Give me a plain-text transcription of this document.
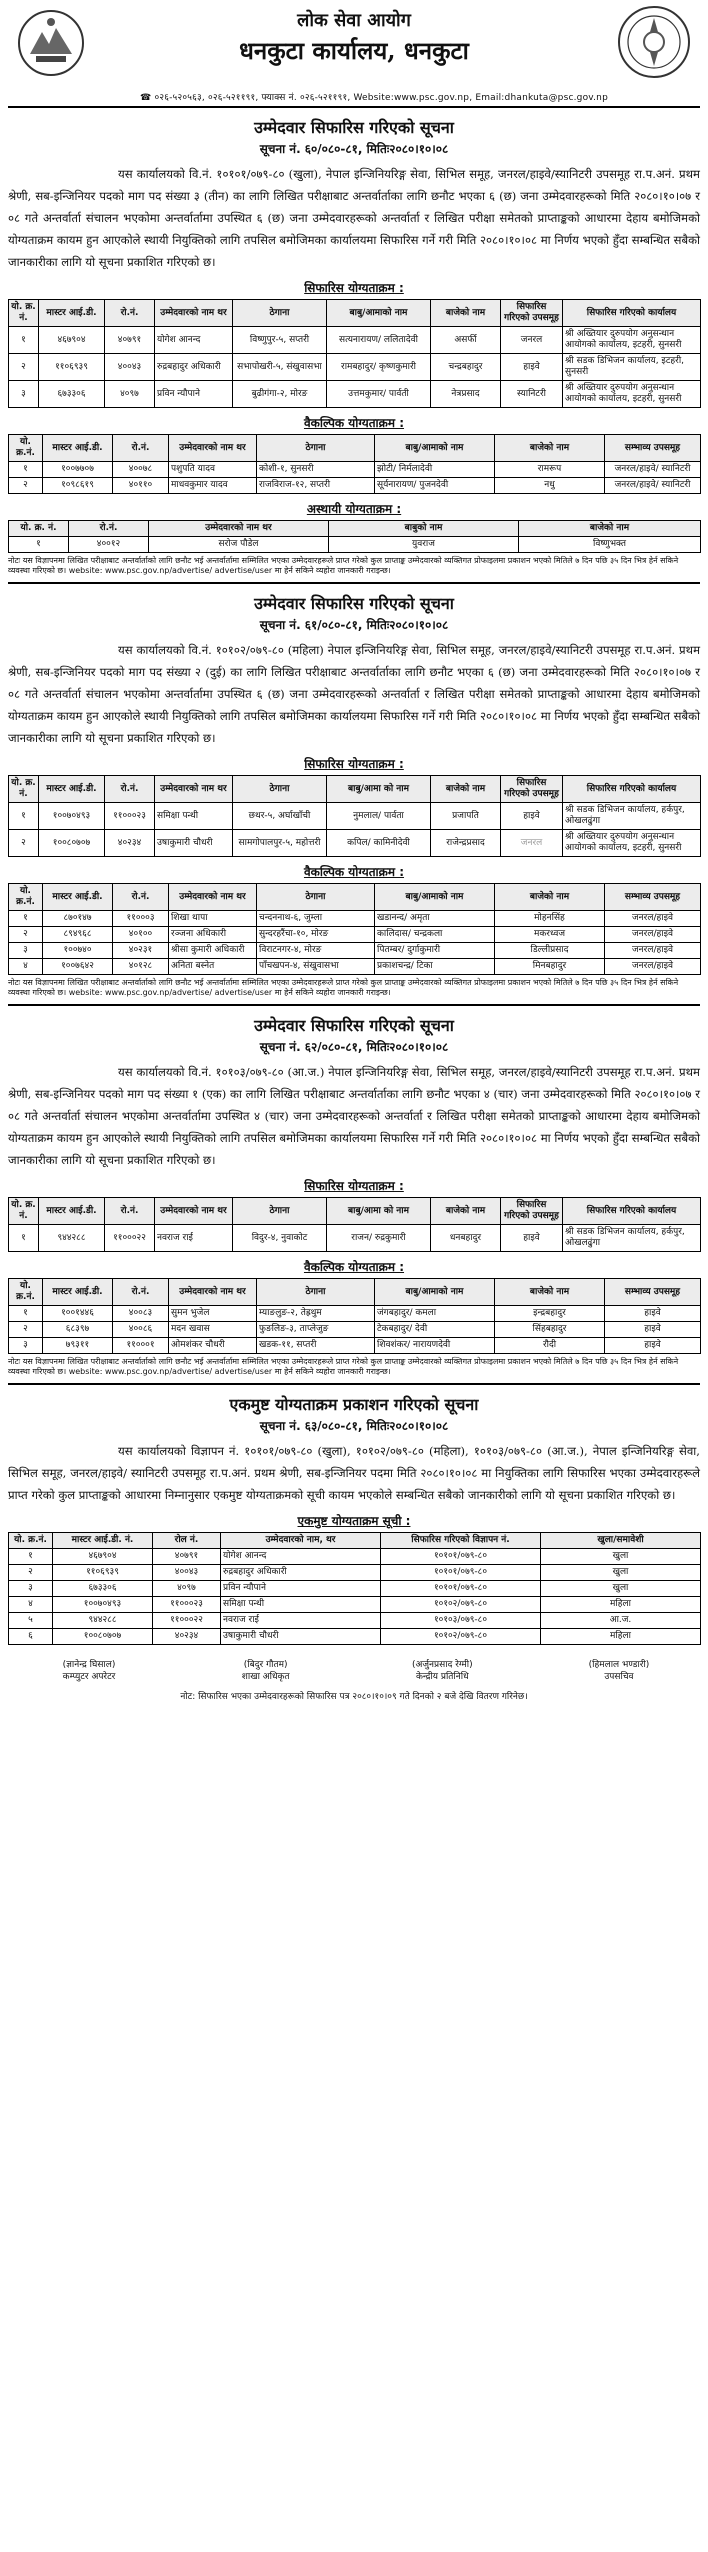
लोक सेवा आयोग
धनकुटा कार्यालय, धनकुटा
☎ ०२६-५२०५६३, ०२६-५२११९१, फ्याक्स नं. ०२६-५२११९१, Website:www.psc.gov.np, Email:dhankuta@psc.gov.np
उम्मेदवार सिफारिस गरिएको सूचना
सूचना नं. ६०/०८०-८१, मितिः२०८०।१०।०८
यस कार्यालयको वि.नं. १०१०१/०७९-८० (खुला), नेपाल इन्जिनियरिङ्ग सेवा, सिभिल समूह, जनरल/हाइवे/स्यानिटरी उपसमूह रा.प.अनं. प्रथम श्रेणी, सब-इन्जिनियर पदको माग पद संख्या ३ (तीन) का लागि लिखित परीक्षाबाट अन्तर्वार्ताका लागि छनौट भएका ६ (छ) जना उम्मेदवारहरूको मिति २०८०।१०।०७ र ०८ गते अन्तर्वार्ता संचालन भएकोमा अन्तर्वार्तामा उपस्थित ६ (छ) जना उम्मेदवारहरूको अन्तर्वार्ता र लिखित परीक्षा समेतको प्राप्ताङ्कको आधारमा देहाय बमोजिमको योग्यताक्रम कायम हुन आएकोले स्थायी नियुक्तिको लागि तपसिल बमोजिमका कार्यालयमा सिफारिस गर्ने गरी मिति २०८०।१०।०८ मा निर्णय भएको हुँदा सम्बन्धित सबैको जानकारीका लागि यो सूचना प्रकाशित गरिएको छ।
सिफारिस योग्यताक्रम :
यो. क्र. नं.	मास्टर आई.डी.	रो.नं.	उम्मेदवारको नाम थर	ठेगाना	बाबु/आमाको नाम	बाजेको नाम	सिफारिस गरिएको उपसमूह	सिफारिस गरिएको कार्यालय
१	४६७९०४	४०७९१	योगेश आनन्द	विष्णुपुर-५, सप्तरी	सत्यनारायण/ ललितादेवी	असर्फी	जनरल	श्री अख्तियार दुरुपयोग अनुसन्धान आयोगको कार्यालय, इटहरी, सुनसरी
२	११०६९३९	४००४३	रुद्रबहादुर अधिकारी	सभापोखरी-५, संखुवासभा	रामबहादुर/ कृष्णकुमारी	चन्द्रबहादुर	हाइवे	श्री सडक डिभिजन कार्यालय, इटहरी, सुनसरी
३	६७३३०६	४०९७	प्रविन न्यौपाने	बुढीगंगा-२, मोरङ	उत्तमकुमार/ पार्वती	नेत्रप्रसाद	स्यानिटरी	श्री अख्तियार दुरुपयोग अनुसन्धान आयोगको कार्यालय, इटहरी, सुनसरी
वैकल्पिक योग्यताक्रम :
यो. क्र.नं.	मास्टर आई.डी.	रो.नं.	उम्मेदवारको नाम थर	ठेगाना	बाबु/आमाको नाम	बाजेको नाम	सम्भाव्य उपसमूह
१	१००७७०७	४००७८	पशुपति यादव	कोशी-१, सुनसरी	झोटी/ निर्मलादेवी	रामरूप	जनरल/हाइवे/ स्यानिटरी
२	१०९८६१९	४०११०	माधवकुमार यादव	राजविराज-१२, सप्तरी	सूर्यनारायण/ पुजनदेवी	नधु	जनरल/हाइवे/ स्यानिटरी
अस्थायी योग्यताक्रम :
यो. क्र. नं.	रो.नं.	उम्मेदवारको नाम थर	बाबुको नाम	बाजेको नाम
१	४००१२	सरोज पौडेल	युवराज	विष्णुभक्त
नोटः यस विज्ञापनमा लिखित परीक्षाबाट अन्तर्वार्ताको लागि छनौट भई अन्तर्वार्तामा सम्मिलित भएका उम्मेदवारहरूले प्राप्त गरेको कुल प्राप्ताङ्क उम्मेदवारको व्यक्तिगत प्रोफाइलमा प्रकाशन भएको मितिले ७ दिन पछि ३५ दिन भित्र हेर्न सकिने व्यवस्था गरिएको छ। website: www.psc.gov.np/advertise/ advertise/user मा हेर्न सकिने व्यहोरा जानकारी गराइन्छ।
उम्मेदवार सिफारिस गरिएको सूचना
सूचना नं. ६१/०८०-८१, मितिः२०८०।१०।०८
यस कार्यालयको वि.नं. १०१०२/०७९-८० (महिला) नेपाल इन्जिनियरिङ्ग सेवा, सिभिल समूह, जनरल/हाइवे/स्यानिटरी उपसमूह रा.प.अनं. प्रथम श्रेणी, सब-इन्जिनियर पदको माग पद संख्या २ (दुई) का लागि लिखित परीक्षाबाट अन्तर्वार्ताका लागि छनौट भएका ६ (छ) जना उम्मेदवारहरूको मिति २०८०।१०।०७ र ०८ गते अन्तर्वार्ता संचालन भएकोमा अन्तर्वार्तामा उपस्थित ६ (छ) जना उम्मेदवारहरूको अन्तर्वार्ता र लिखित परीक्षा समेतको प्राप्ताङ्कको आधारमा देहाय बमोजिमको योग्यताक्रम कायम हुन आएकोले स्थायी नियुक्तिको लागि तपसिल बमोजिमका कार्यालयमा सिफारिस गर्ने गरी मिति २०८०।१०।०८ मा निर्णय भएको हुँदा सम्बन्धित सबैको जानकारीका लागि यो सूचना प्रकाशित गरिएको छ।
सिफारिस योग्यताक्रम :
यो. क्र. नं.	मास्टर आई.डी.	रो.नं.	उम्मेदवारको नाम थर	ठेगाना	बाबु/आमा को नाम	बाजेको नाम	सिफारिस गरिएको उपसमूह	सिफारिस गरिएको कार्यालय
१	१००७०४९३	११०००२३	समिक्षा पन्थी	छथर-५, अर्घाखाँची	नुमलाल/ पार्वता	प्रजापति	हाइवे	श्री सडक डिभिजन कार्यालय, हर्कपुर, ओखलढुंगा
२	१००८०७०७	४०२३४	उषाकुमारी चौधरी	सामगोपालपुर-५, महोत्तरी	कपिल/ कामिनीदेवी	राजेन्द्रप्रसाद	जनरल	श्री अख्तियार दुरुपयोग अनुसन्धान आयोगको कार्यालय, इटहरी, सुनसरी
वैकल्पिक योग्यताक्रम :
यो. क्र.नं.	मास्टर आई.डी.	रो.नं.	उम्मेदवारको नाम थर	ठेगाना	बाबु/आमाको नाम	बाजेको नाम	सम्भाव्य उपसमूह
१	८७०१४७	११०००३	शिखा थापा	चन्दननाथ-६, जुम्ला	खडानन्द/ अमृता	मोहनसिंह	जनरल/हाइवे
२	८९४९६८	४०१००	रञ्जना अधिकारी	सुन्दरहरैंचा-१०, मोरङ	कालिदास/ चन्द्रकला	मकरध्वज	जनरल/हाइवे
३	१००७४०	४०२३१	श्रीसा कुमारी अधिकारी	विराटनगर-४, मोरङ	पितम्बर/ दुर्गाकुमारी	डिल्लीप्रसाद	जनरल/हाइवे
४	१००७६४२	४०१२८	अनिता बस्नेत	पाँचखपन-४, संखुवासभा	प्रकाशचन्द्र/ टिका	मिनबहादुर	जनरल/हाइवे
नोटः यस विज्ञापनमा लिखित परीक्षाबाट अन्तर्वार्ताको लागि छनौट भई अन्तर्वार्तामा सम्मिलित भएका उम्मेदवारहरूले प्राप्त गरेको कुल प्राप्ताङ्क उम्मेदवारको व्यक्तिगत प्रोफाइलमा प्रकाशन भएको मितिले ७ दिन पछि ३५ दिन भित्र हेर्न सकिने व्यवस्था गरिएको छ। website: www.psc.gov.np/advertise/ advertise/user मा हेर्न सकिने व्यहोरा जानकारी गराइन्छ।
उम्मेदवार सिफारिस गरिएको सूचना
सूचना नं. ६२/०८०-८१, मितिः२०८०।१०।०८
यस कार्यालयको वि.नं. १०१०३/०७९-८० (आ.ज.) नेपाल इन्जिनियरिङ्ग सेवा, सिभिल समूह, जनरल/हाइवे/स्यानिटरी उपसमूह रा.प.अनं. प्रथम श्रेणी, सब-इन्जिनियर पदको माग पद संख्या १ (एक) का लागि लिखित परीक्षाबाट अन्तर्वार्ताका लागि छनौट भएका ४ (चार) जना उम्मेदवारहरूको मिति २०८०।१०।०७ र ०८ गते अन्तर्वार्ता संचालन भएकोमा अन्तर्वार्तामा उपस्थित ४ (चार) जना उम्मेदवारहरूको अन्तर्वार्ता र लिखित परीक्षा समेतको प्राप्ताङ्कको आधारमा देहाय बमोजिमको योग्यताक्रम कायम हुन आएकोले स्थायी नियुक्तिको लागि तपसिल बमोजिमका कार्यालयमा सिफारिस गर्ने गरी मिति २०८०।१०।०८ मा निर्णय भएको हुँदा सम्बन्धित सबैको जानकारीका लागि यो सूचना प्रकाशित गरिएको छ।
सिफारिस योग्यताक्रम :
यो. क्र. नं.	मास्टर आई.डी.	रो.नं.	उम्मेदवारको नाम थर	ठेगाना	बाबु/आमा को नाम	बाजेको नाम	सिफारिस गरिएको उपसमूह	सिफारिस गरिएको कार्यालय
१	९४४२८८	११०००२२	नवराज राई	विदुर-४, नुवाकोट	राजन/ रुद्रकुमारी	धनबहादुर	हाइवे	श्री सडक डिभिजन कार्यालय, हर्कपुर, ओखलढुंगा
वैकल्पिक योग्यताक्रम :
यो. क्र.नं.	मास्टर आई.डी.	रो.नं.	उम्मेदवारको नाम थर	ठेगाना	बाबु/आमाको नाम	बाजेको नाम	सम्भाव्य उपसमूह
१	१००१४४६	४००८३	सुमन भुजेल	म्याङलुङ-२, तेह्रथुम	जंगबहादुर/ कमला	इन्द्रबहादुर	हाइवे
२	६८३९७	४००८६	मदन खवास	फुङलिङ-३, ताप्लेजुङ	टेकबहादुर/ देवी	सिंहबहादुर	हाइवे
३	७९३११	११०००१	ओमशंकर चौधरी	खडक-११, सप्तरी	शिवशंकर/ नारायणदेवी	रौदी	हाइवे
नोटः यस विज्ञापनमा लिखित परीक्षाबाट अन्तर्वार्ताको लागि छनौट भई अन्तर्वार्तामा सम्मिलित भएका उम्मेदवारहरूले प्राप्त गरेको कुल प्राप्ताङ्क उम्मेदवारको व्यक्तिगत प्रोफाइलमा प्रकाशन भएको मितिले ७ दिन पछि ३५ दिन भित्र हेर्न सकिने व्यवस्था गरिएको छ। website: www.psc.gov.np/advertise/ advertise/user मा हेर्न सकिने व्यहोरा जानकारी गराइन्छ।
एकमुष्ट योग्यताक्रम प्रकाशन गरिएको सूचना
सूचना नं. ६३/०८०-८१, मितिः२०८०।१०।०८
यस कार्यालयको विज्ञापन नं. १०१०१/०७९-८० (खुला), १०१०२/०७९-८० (महिला), १०१०३/०७९-८० (आ.ज.), नेपाल इन्जिनियरिङ्ग सेवा, सिभिल समूह, जनरल/हाइवे/ स्यानिटरी उपसमूह रा.प.अनं. प्रथम श्रेणी, सब-इन्जिनियर पदमा मिति २०८०।१०।०८ मा नियुक्तिका लागि सिफारिस भएका उम्मेदवारहरूले प्राप्त गरेको कुल प्राप्ताङ्कको आधारमा निम्नानुसार एकमुष्ट योग्यताक्रमको सूची कायम भएकोले सम्बन्धित सबैको जानकारीको लागि यो सूचना प्रकाशित गरिएको छ।
एकमुष्ट योग्यताक्रम सूची :
यो. क्र.नं.	मास्टर आई.डी. नं.	रोल नं.	उम्मेदवारको नाम, थर	सिफारिस गरिएको विज्ञापन नं.	खुला/समावेशी
१	४६७९०४	४०७९१	योगेश आनन्द	१०१०१/०७९-८०	खुला
२	११०६९३९	४००४३	रुद्रबहादुर अधिकारी	१०१०१/०७९-८०	खुला
३	६७३३०६	४०९७	प्रविन न्यौपाने	१०१०१/०७९-८०	खुला
४	१००७०४९३	११०००२३	समिक्षा पन्थी	१०१०२/०७९-८०	महिला
५	९४४२८८	११०००२२	नवराज राई	१०१०३/०७९-८०	आ.ज.
६	१००८०७०७	४०२३४	उषाकुमारी चौधरी	१०१०२/०७९-८०	महिला
(ज्ञानेन्द्र घिसाल)
कम्प्युटर अपरेटर
(बिदुर गौतम)
शाखा अधिकृत
(अर्जुनप्रसाद रेग्मी)
केन्द्रीय प्रतिनिधि
(हिमलाल भण्डारी)
उपसचिव
नोट: सिफारिस भएका उम्मेदवारहरूको सिफारिस पत्र २०८०।१०।०९ गते दिनको २ बजे देखि वितरण गरिनेछ।
